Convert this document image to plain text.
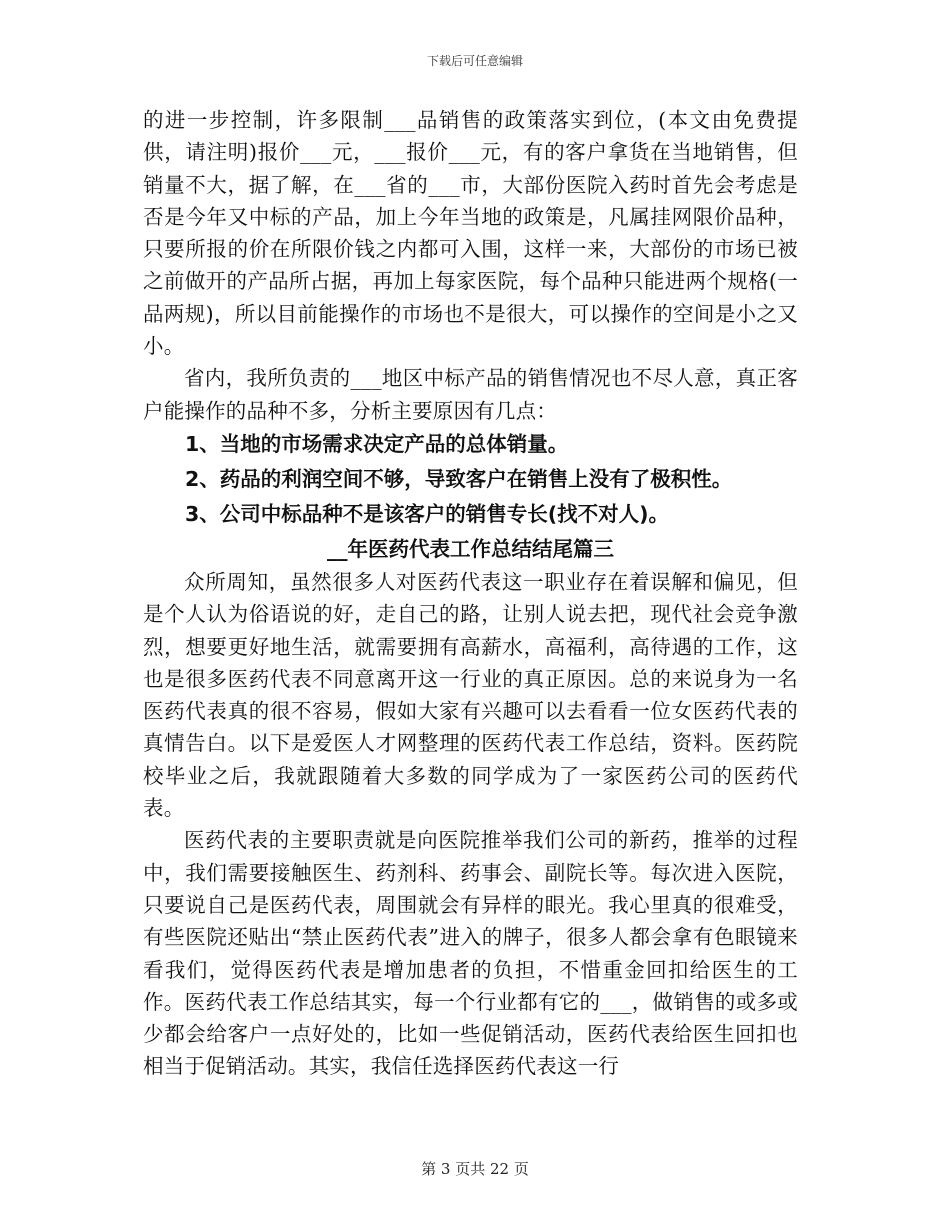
下载后可任意编辑

的进一步控制，许多限制___品销售的政策落实到位，(本文由免费提供，请注明)报价___元，___报价___元，有的客户拿货在当地销售，但销量不大，据了解，在___省的___市，大部份医院入药时首先会考虑是否是今年又中标的产品，加上今年当地的政策是，凡属挂网限价品种，只要所报的价在所限价钱之内都可入围，这样一来，大部份的市场已被之前做开的产品所占据，再加上每家医院，每个品种只能进两个规格(一品两规)，所以目前能操作的市场也不是很大，可以操作的空间是小之又小。

省内，我所负责的___地区中标产品的销售情况也不尽人意，真正客户能操作的品种不多，分析主要原因有几点：

1、当地的市场需求决定产品的总体销量。

2、药品的利润空间不够，导致客户在销售上没有了极积性。

3、公司中标品种不是该客户的销售专长(找不对人)。

__年医药代表工作总结结尾篇三

众所周知，虽然很多人对医药代表这一职业存在着误解和偏见，但是个人认为俗语说的好，走自己的路，让别人说去把，现代社会竞争激烈，想要更好地生活，就需要拥有高薪水，高福利，高待遇的工作，这也是很多医药代表不同意离开这一行业的真正原因。总的来说身为一名医药代表真的很不容易，假如大家有兴趣可以去看看一位女医药代表的真情告白。以下是爱医人才网整理的医药代表工作总结，资料。医药院校毕业之后，我就跟随着大多数的同学成为了一家医药公司的医药代表。

医药代表的主要职责就是向医院推举我们公司的新药，推举的过程中，我们需要接触医生、药剂科、药事会、副院长等。每次进入医院，只要说自己是医药代表，周围就会有异样的眼光。我心里真的很难受，有些医院还贴出“禁止医药代表”进入的牌子，很多人都会拿有色眼镜来看我们，觉得医药代表是增加患者的负担，不惜重金回扣给医生的工作。医药代表工作总结其实，每一个行业都有它的___，做销售的或多或少都会给客户一点好处的，比如一些促销活动，医药代表给医生回扣也相当于促销活动。其实，我信任选择医药代表这一行

第 3 页共 22 页
